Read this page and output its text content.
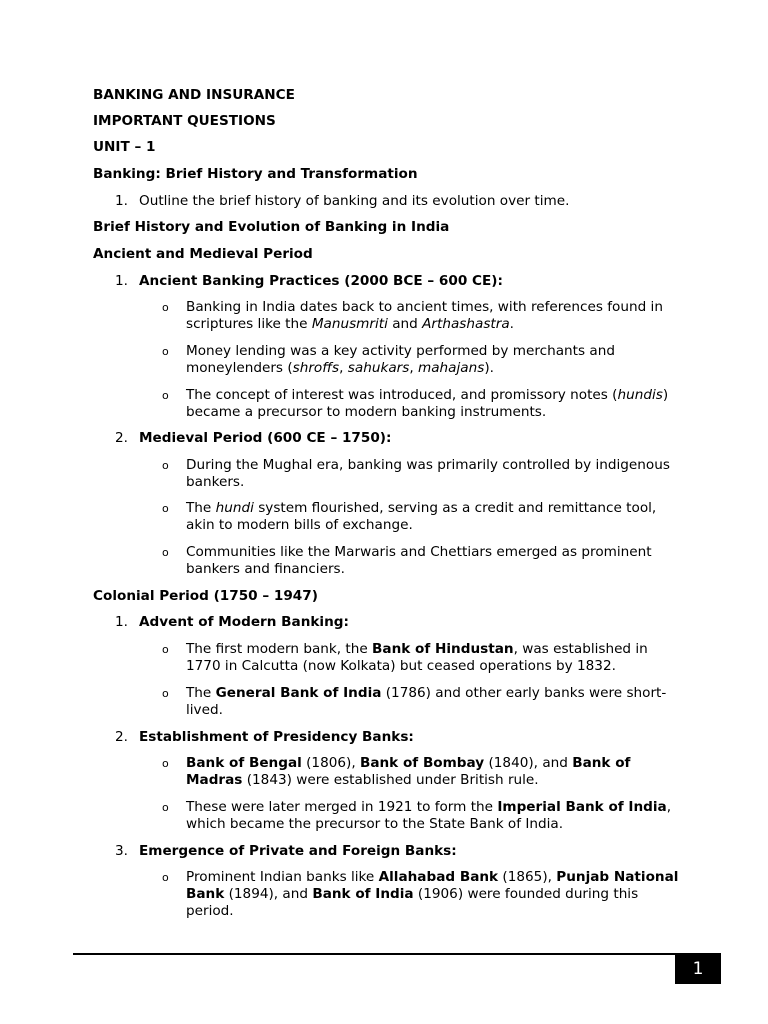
BANKING AND INSURANCE
IMPORTANT QUESTIONS
UNIT – 1
Banking: Brief History and Transformation
1. Outline the brief history of banking and its evolution over time.
Brief History and Evolution of Banking in India
Ancient and Medieval Period
1. Ancient Banking Practices (2000 BCE – 600 CE):
o Banking in India dates back to ancient times, with references found in scriptures like the Manusmriti and Arthashastra.
o Money lending was a key activity performed by merchants and moneylenders (shroffs, sahukars, mahajans).
o The concept of interest was introduced, and promissory notes (hundis) became a precursor to modern banking instruments.
2. Medieval Period (600 CE – 1750):
o During the Mughal era, banking was primarily controlled by indigenous bankers.
o The hundi system flourished, serving as a credit and remittance tool, akin to modern bills of exchange.
o Communities like the Marwaris and Chettiars emerged as prominent bankers and financiers.
Colonial Period (1750 – 1947)
1. Advent of Modern Banking:
o The first modern bank, the Bank of Hindustan, was established in 1770 in Calcutta (now Kolkata) but ceased operations by 1832.
o The General Bank of India (1786) and other early banks were short-lived.
2. Establishment of Presidency Banks:
o Bank of Bengal (1806), Bank of Bombay (1840), and Bank of Madras (1843) were established under British rule.
o These were later merged in 1921 to form the Imperial Bank of India, which became the precursor to the State Bank of India.
3. Emergence of Private and Foreign Banks:
o Prominent Indian banks like Allahabad Bank (1865), Punjab National Bank (1894), and Bank of India (1906) were founded during this period.
1
